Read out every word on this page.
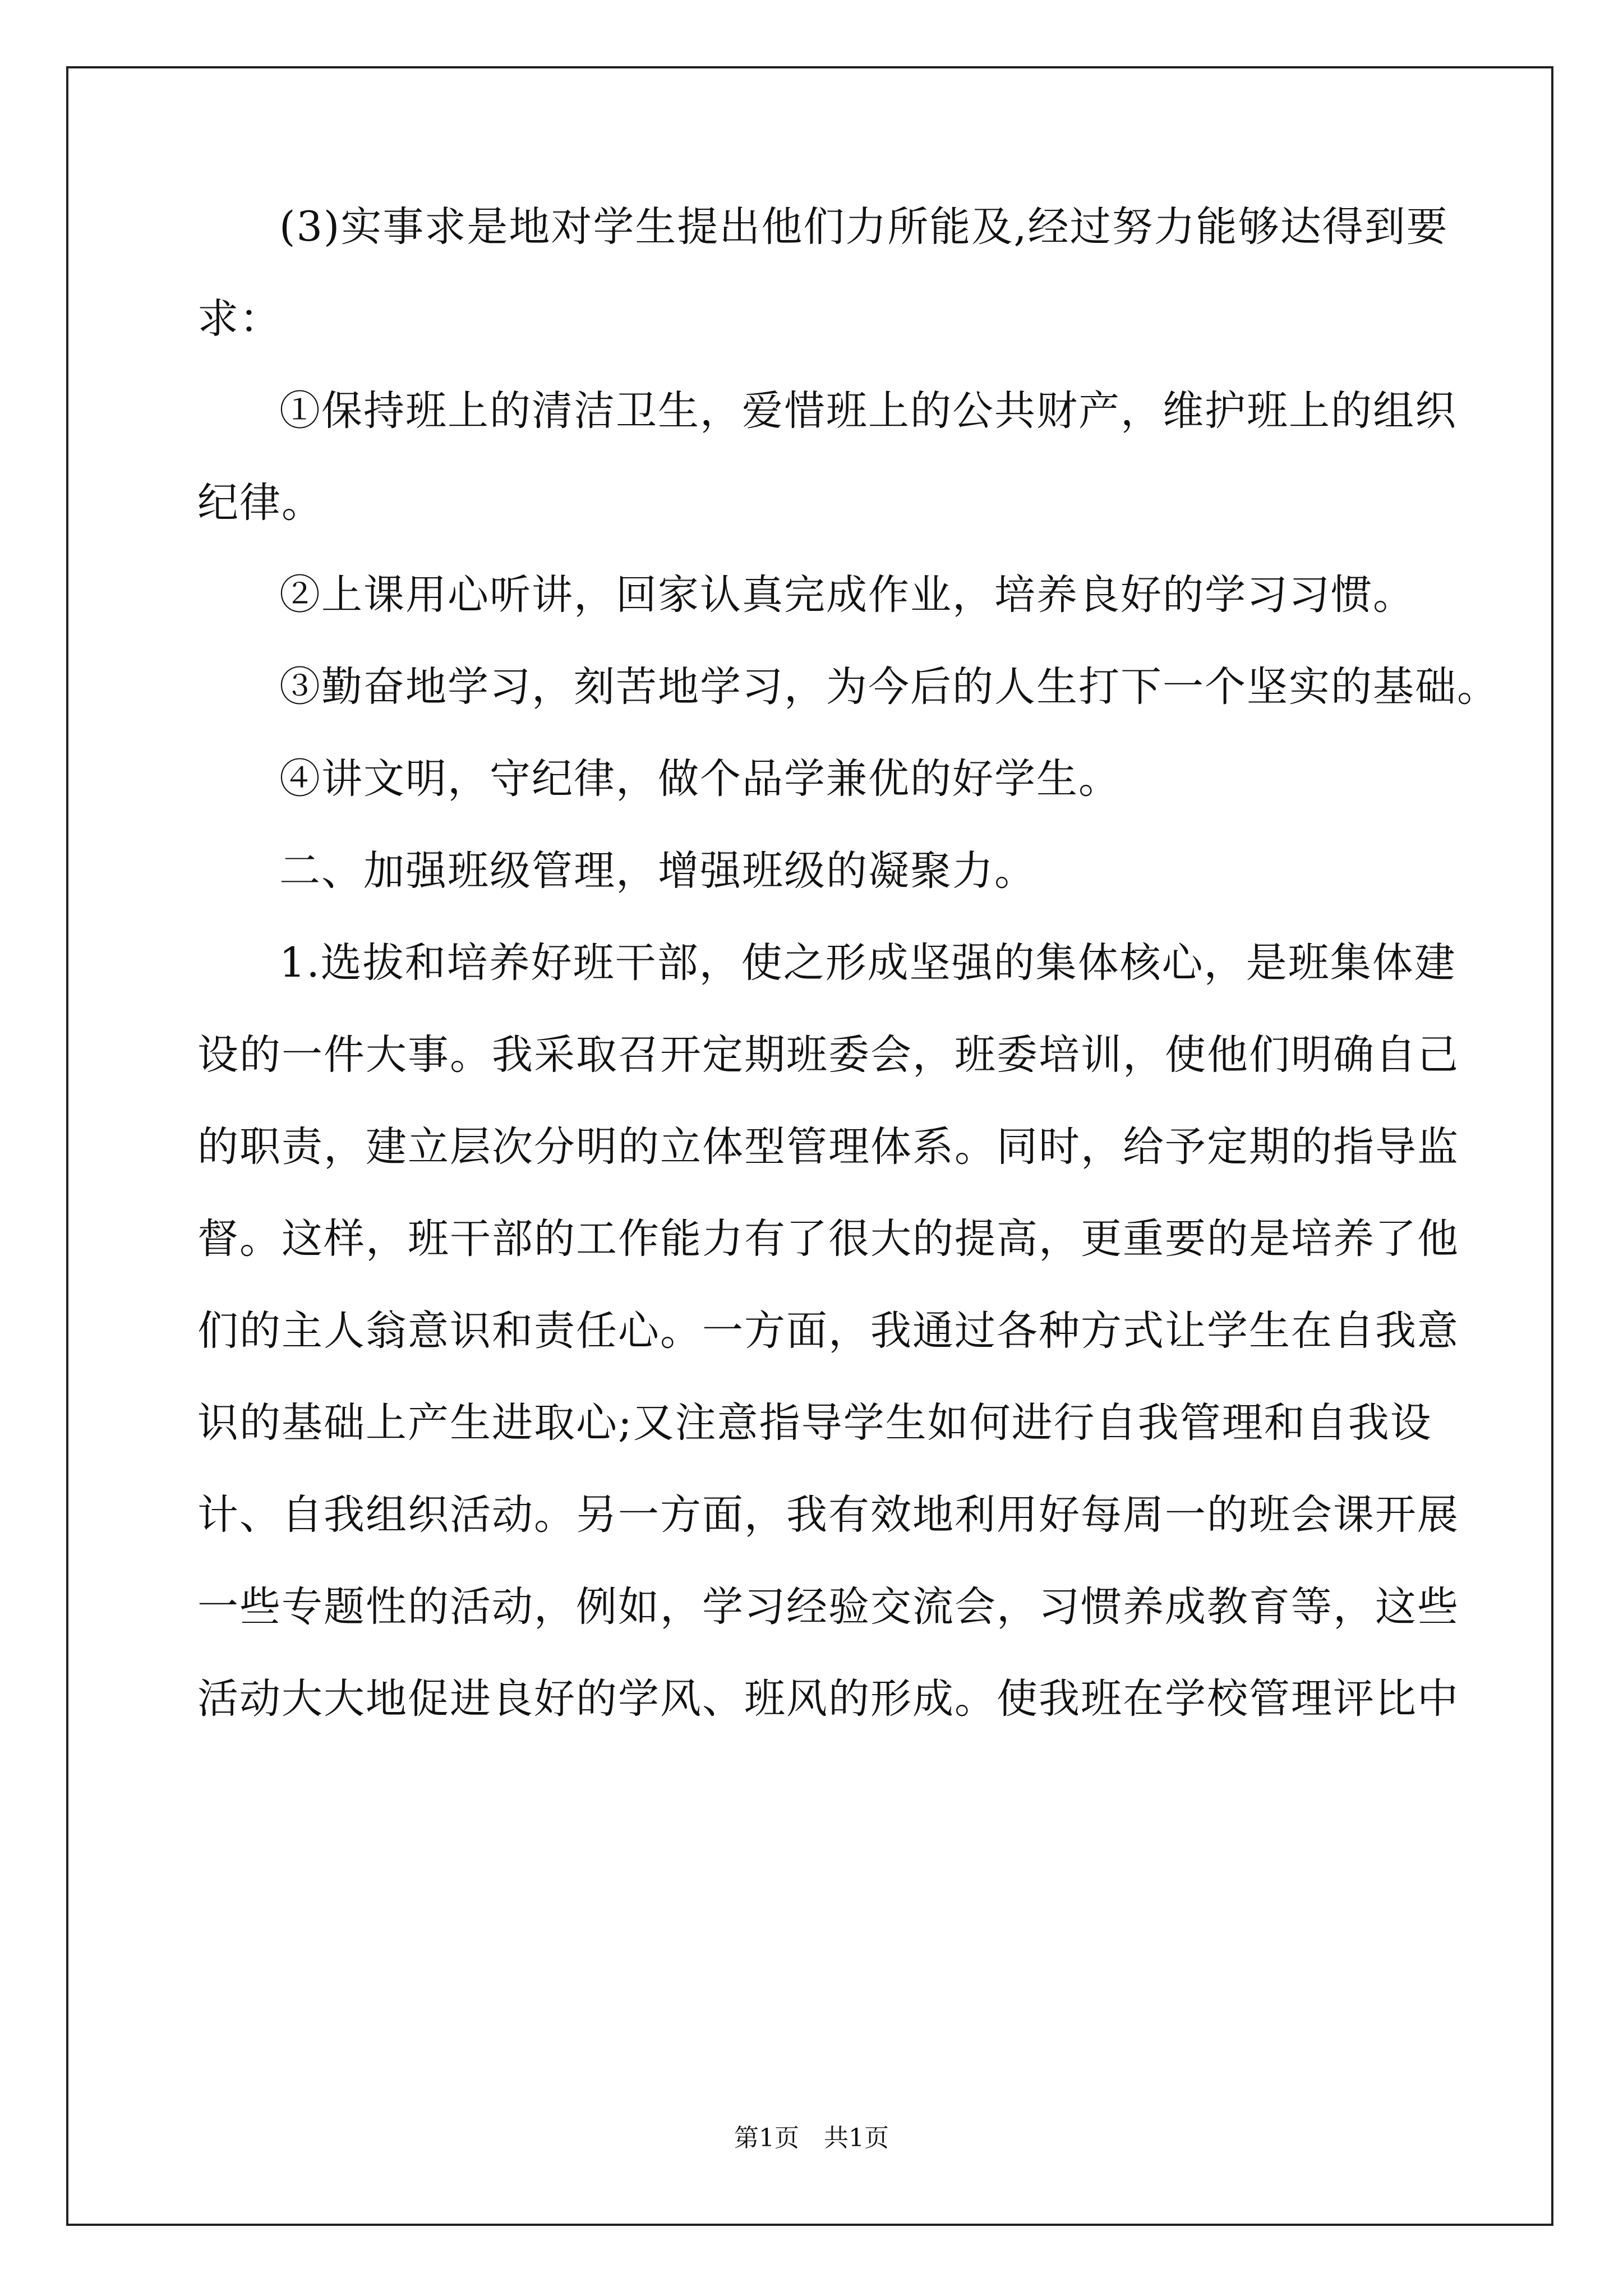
(3)实事求是地对学生提出他们力所能及,经过努力能够达得到要
求：
①保持班上的清洁卫生，爱惜班上的公共财产，维护班上的组织
纪律。
②上课用心听讲，回家认真完成作业，培养良好的学习习惯。
③勤奋地学习，刻苦地学习，为今后的人生打下一个坚实的基础。
④讲文明，守纪律，做个品学兼优的好学生。
二、加强班级管理，增强班级的凝聚力。
1.选拔和培养好班干部，使之形成坚强的集体核心，是班集体建
设的一件大事。我采取召开定期班委会，班委培训，使他们明确自己
的职责，建立层次分明的立体型管理体系。同时，给予定期的指导监
督。这样，班干部的工作能力有了很大的提高，更重要的是培养了他
们的主人翁意识和责任心。一方面，我通过各种方式让学生在自我意
识的基础上产生进取心;又注意指导学生如何进行自我管理和自我设
计、自我组织活动。另一方面，我有效地利用好每周一的班会课开展
一些专题性的活动，例如，学习经验交流会，习惯养成教育等，这些
活动大大地促进良好的学风、班风的形成。使我班在学校管理评比中
第1页　共1页
